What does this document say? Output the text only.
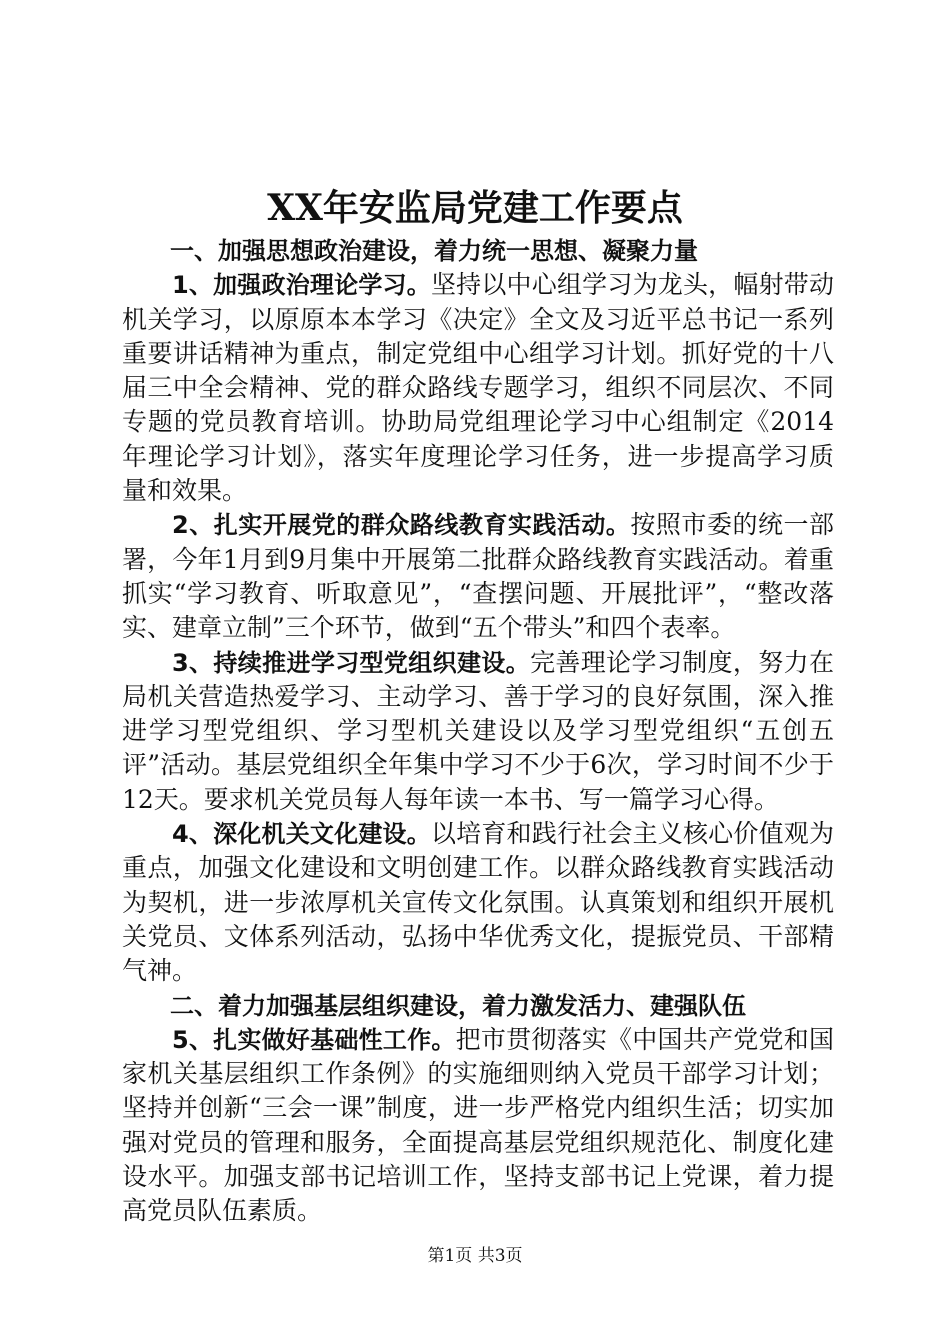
XX年安监局党建工作要点

一、加强思想政治建设，着力统一思想、凝聚力量

1、加强政治理论学习。坚持以中心组学习为龙头，幅射带动机关学习，以原原本本学习《决定》全文及习近平总书记一系列重要讲话精神为重点，制定党组中心组学习计划。抓好党的十八届三中全会精神、党的群众路线专题学习，组织不同层次、不同专题的党员教育培训。协助局党组理论学习中心组制定《2014年理论学习计划》，落实年度理论学习任务，进一步提高学习质量和效果。

2、扎实开展党的群众路线教育实践活动。按照市委的统一部署，今年1月到9月集中开展第二批群众路线教育实践活动。着重抓实“学习教育、听取意见”，“查摆问题、开展批评”，“整改落实、建章立制”三个环节，做到“五个带头”和四个表率。

3、持续推进学习型党组织建设。完善理论学习制度，努力在局机关营造热爱学习、主动学习、善于学习的良好氛围，深入推进学习型党组织、学习型机关建设以及学习型党组织“五创五评”活动。基层党组织全年集中学习不少于6次，学习时间不少于12天。要求机关党员每人每年读一本书、写一篇学习心得。

4、深化机关文化建设。以培育和践行社会主义核心价值观为重点，加强文化建设和文明创建工作。以群众路线教育实践活动为契机，进一步浓厚机关宣传文化氛围。认真策划和组织开展机关党员、文体系列活动，弘扬中华优秀文化，提振党员、干部精气神。

二、着力加强基层组织建设，着力激发活力、建强队伍

5、扎实做好基础性工作。把市贯彻落实《中国共产党党和国家机关基层组织工作条例》的实施细则纳入党员干部学习计划；坚持并创新“三会一课”制度，进一步严格党内组织生活；切实加强对党员的管理和服务，全面提高基层党组织规范化、制度化建设水平。加强支部书记培训工作，坚持支部书记上党课，着力提高党员队伍素质。

第1页 共3页
